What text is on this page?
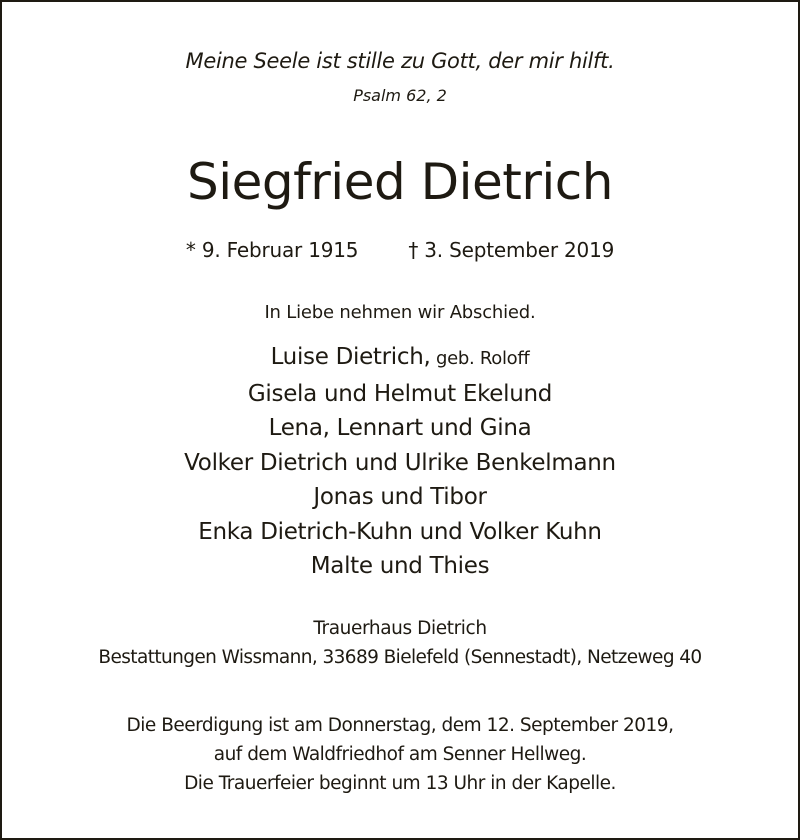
Meine Seele ist stille zu Gott, der mir hilft.
Psalm 62, 2
Siegfried Dietrich
* 9. Februar 1915	† 3. September 2019
In Liebe nehmen wir Abschied.
Luise Dietrich, geb. Roloff
Gisela und Helmut Ekelund
Lena, Lennart und Gina
Volker Dietrich und Ulrike Benkelmann
Jonas und Tibor
Enka Dietrich-Kuhn und Volker Kuhn
Malte und Thies
Trauerhaus Dietrich
Bestattungen Wissmann, 33689 Bielefeld (Sennestadt), Netzeweg 40
Die Beerdigung ist am Donnerstag, dem 12. September 2019,
auf dem Waldfriedhof am Senner Hellweg.
Die Trauerfeier beginnt um 13 Uhr in der Kapelle.
